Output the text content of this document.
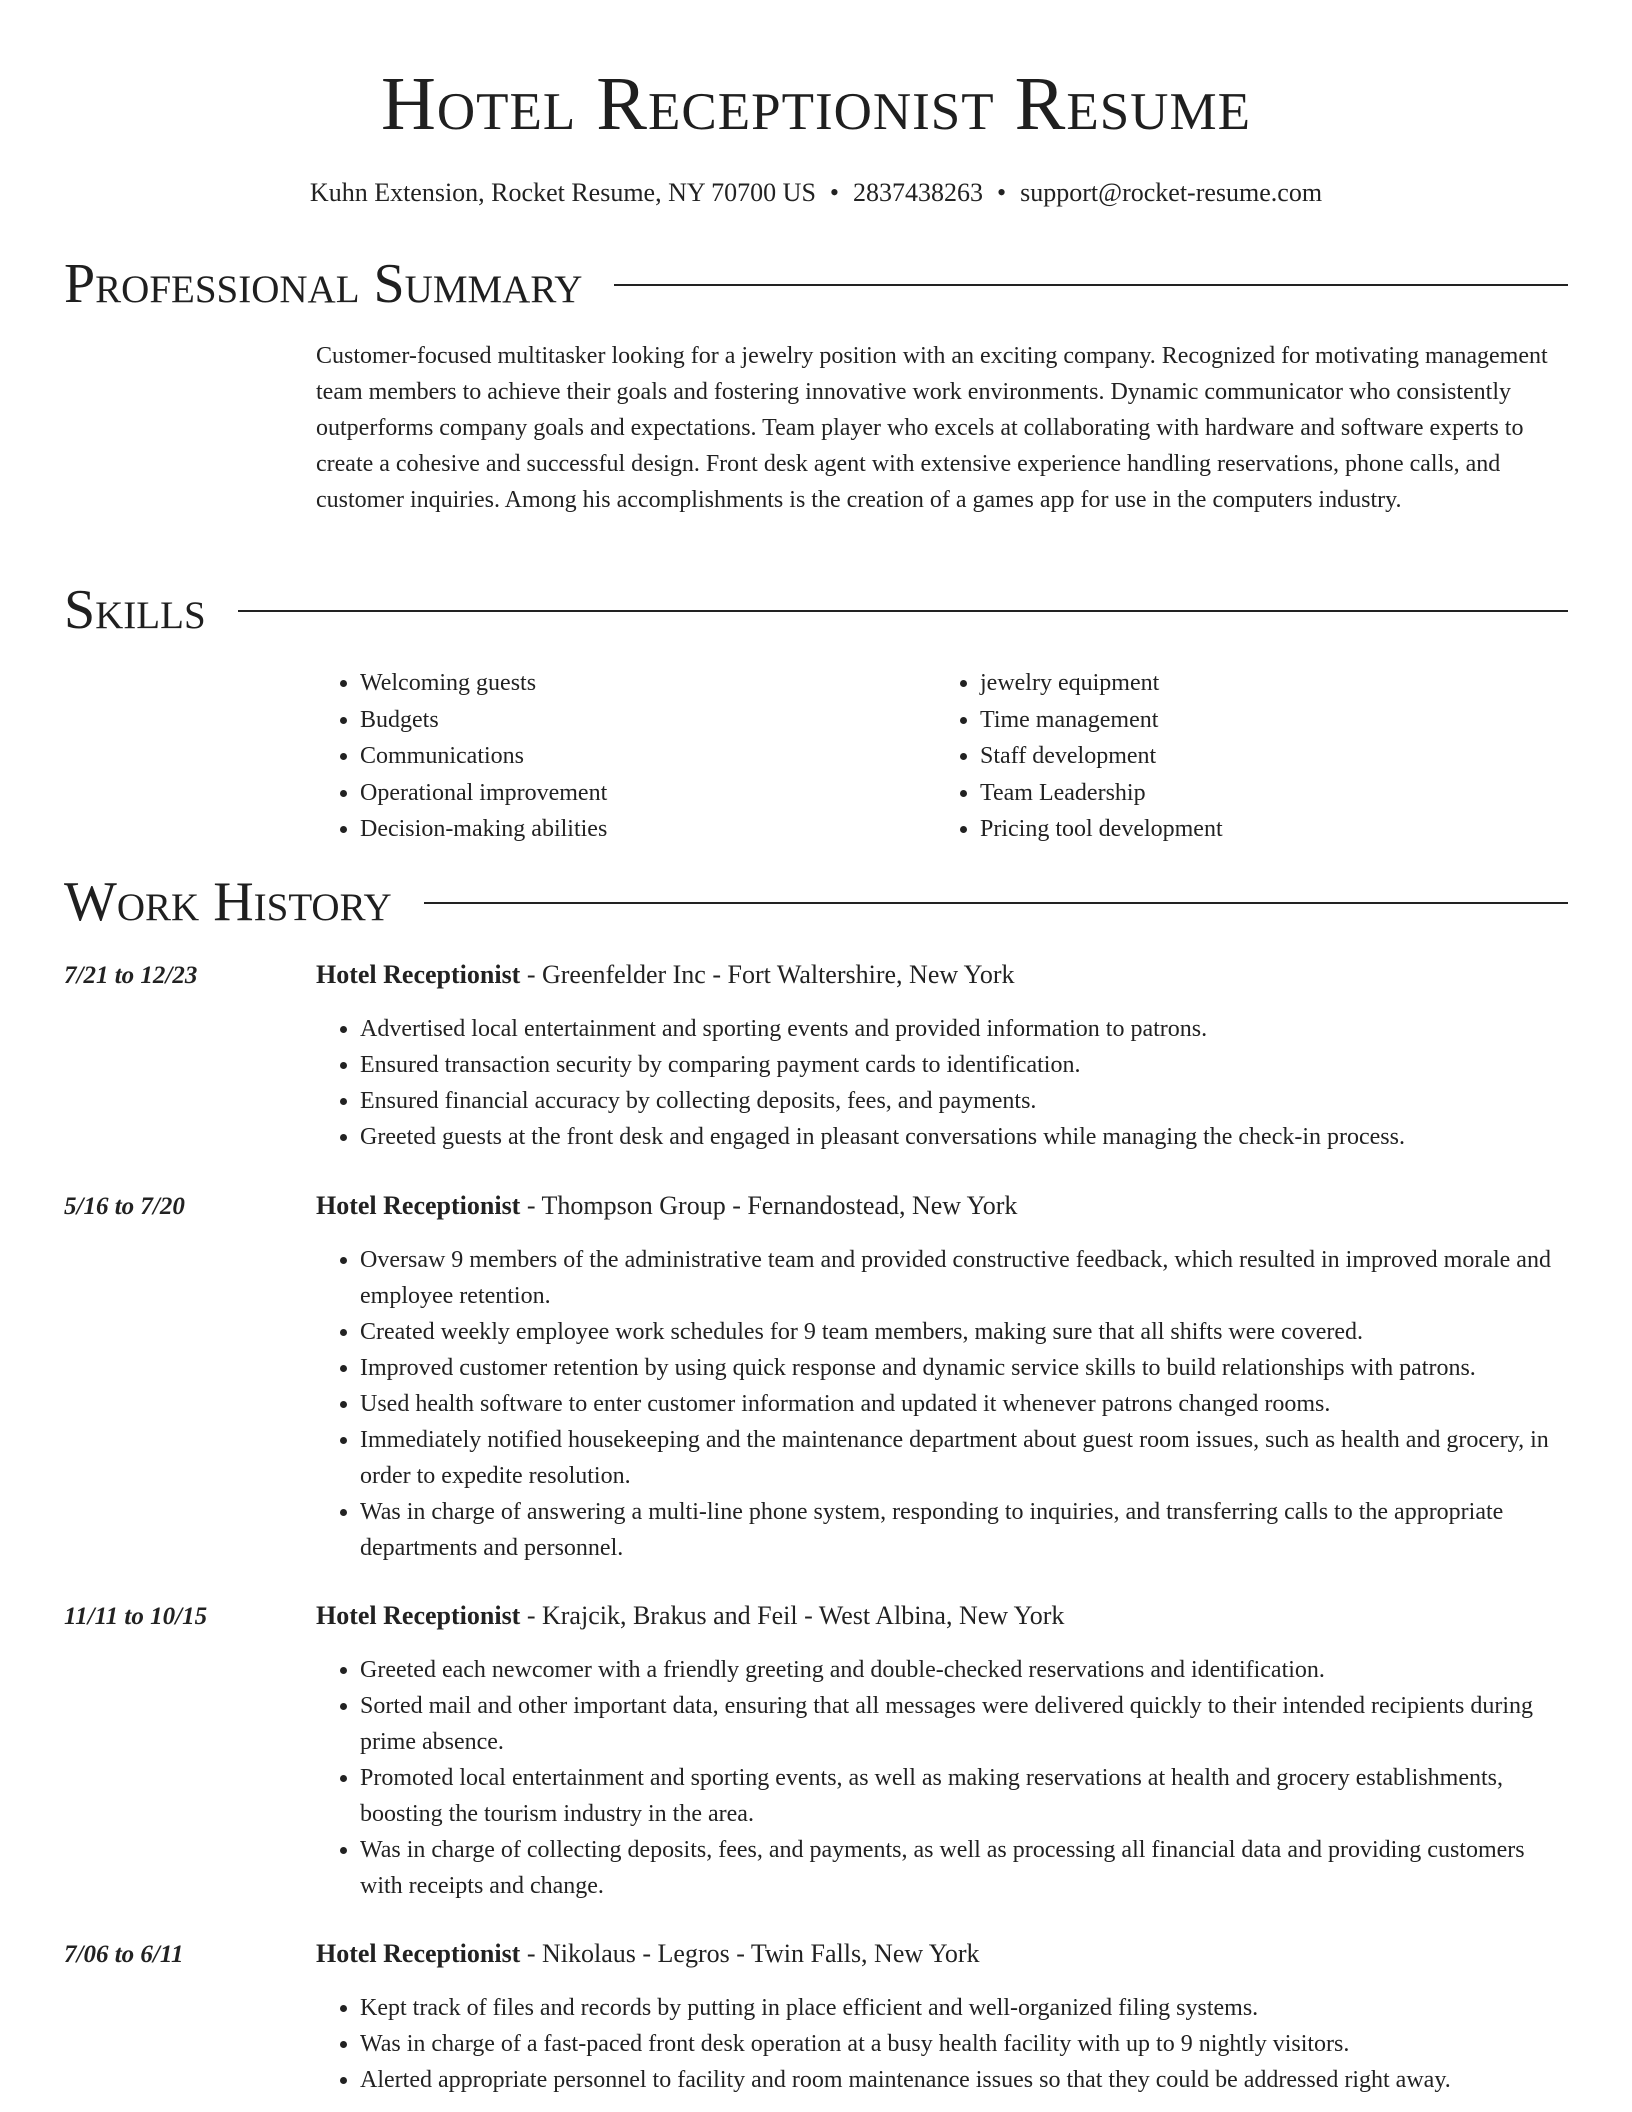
Hotel Receptionist Resume
Kuhn Extension, Rocket Resume, NY 70700 US • 2837438263 • support@rocket-resume.com
Professional Summary

Customer-focused multitasker looking for a jewelry position with an exciting company. Recognized for motivating management team members to achieve their goals and fostering innovative work environments. Dynamic communicator who consistently outperforms company goals and expectations. Team player who excels at collaborating with hardware and software experts to create a cohesive and successful design. Front desk agent with extensive experience handling reservations, phone calls, and customer inquiries. Among his accomplishments is the creation of a games app for use in the computers industry.

Skills
• Welcoming guests
• Budgets
• Communications
• Operational improvement
• Decision-making abilities
• jewelry equipment
• Time management
• Staff development
• Team Leadership
• Pricing tool development
Work History
7/21 to 12/23	Hotel Receptionist - Greenfelder Inc - Fort Waltershire, New York
• Advertised local entertainment and sporting events and provided information to patrons.
• Ensured transaction security by comparing payment cards to identification.
• Ensured financial accuracy by collecting deposits, fees, and payments.
• Greeted guests at the front desk and engaged in pleasant conversations while managing the check-in process.
5/16 to 7/20	Hotel Receptionist - Thompson Group - Fernandostead, New York
• Oversaw 9 members of the administrative team and provided constructive feedback, which resulted in improved morale and employee retention.
• Created weekly employee work schedules for 9 team members, making sure that all shifts were covered.
• Improved customer retention by using quick response and dynamic service skills to build relationships with patrons.
• Used health software to enter customer information and updated it whenever patrons changed rooms.
• Immediately notified housekeeping and the maintenance department about guest room issues, such as health and grocery, in order to expedite resolution.
• Was in charge of answering a multi-line phone system, responding to inquiries, and transferring calls to the appropriate departments and personnel.
11/11 to 10/15	Hotel Receptionist - Krajcik, Brakus and Feil - West Albina, New York
• Greeted each newcomer with a friendly greeting and double-checked reservations and identification.
• Sorted mail and other important data, ensuring that all messages were delivered quickly to their intended recipients during prime absence.
• Promoted local entertainment and sporting events, as well as making reservations at health and grocery establishments, boosting the tourism industry in the area.
• Was in charge of collecting deposits, fees, and payments, as well as processing all financial data and providing customers with receipts and change.
7/06 to 6/11	Hotel Receptionist - Nikolaus - Legros - Twin Falls, New York
• Kept track of files and records by putting in place efficient and well-organized filing systems.
• Was in charge of a fast-paced front desk operation at a busy health facility with up to 9 nightly visitors.
• Alerted appropriate personnel to facility and room maintenance issues so that they could be addressed right away.
